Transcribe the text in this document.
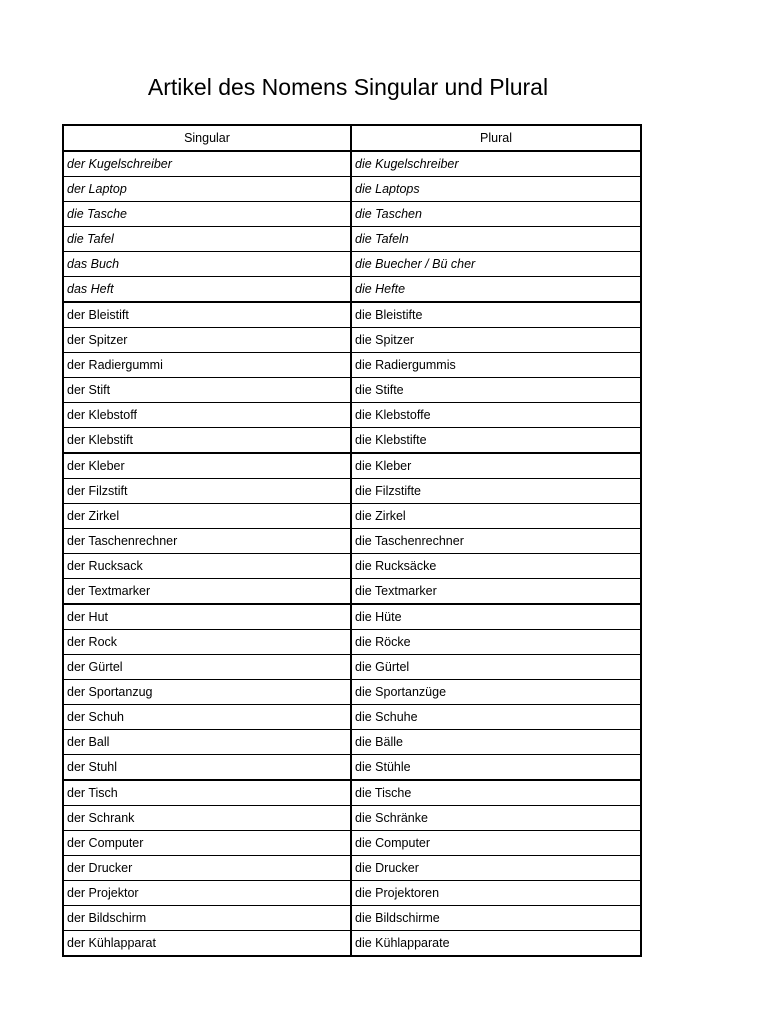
Artikel des Nomens Singular und Plural
Singular	Plural
der Kugelschreiber	die Kugelschreiber
der Laptop	die Laptops
die Tasche	die Taschen
die Tafel	die Tafeln
das Buch	die Buecher / Bü cher
das Heft	die Hefte
der Bleistift	die Bleistifte
der Spitzer	die Spitzer
der Radiergummi	die Radiergummis
der Stift	die Stifte
der Klebstoff	die Klebstoffe
der Klebstift	die Klebstifte
der Kleber	die Kleber
der Filzstift	die Filzstifte
der Zirkel	die Zirkel
der Taschenrechner	die Taschenrechner
der Rucksack	die Rucksäcke
der Textmarker	die Textmarker
der Hut	die Hüte
der Rock	die Röcke
der Gürtel	die Gürtel
der Sportanzug	die Sportanzüge
der Schuh	die Schuhe
der Ball	die Bälle
der Stuhl	die Stühle
der Tisch	die Tische
der Schrank	die Schränke
der Computer	die Computer
der Drucker	die Drucker
der Projektor	die Projektoren
der Bildschirm	die Bildschirme
der Kühlapparat	die Kühlapparate
